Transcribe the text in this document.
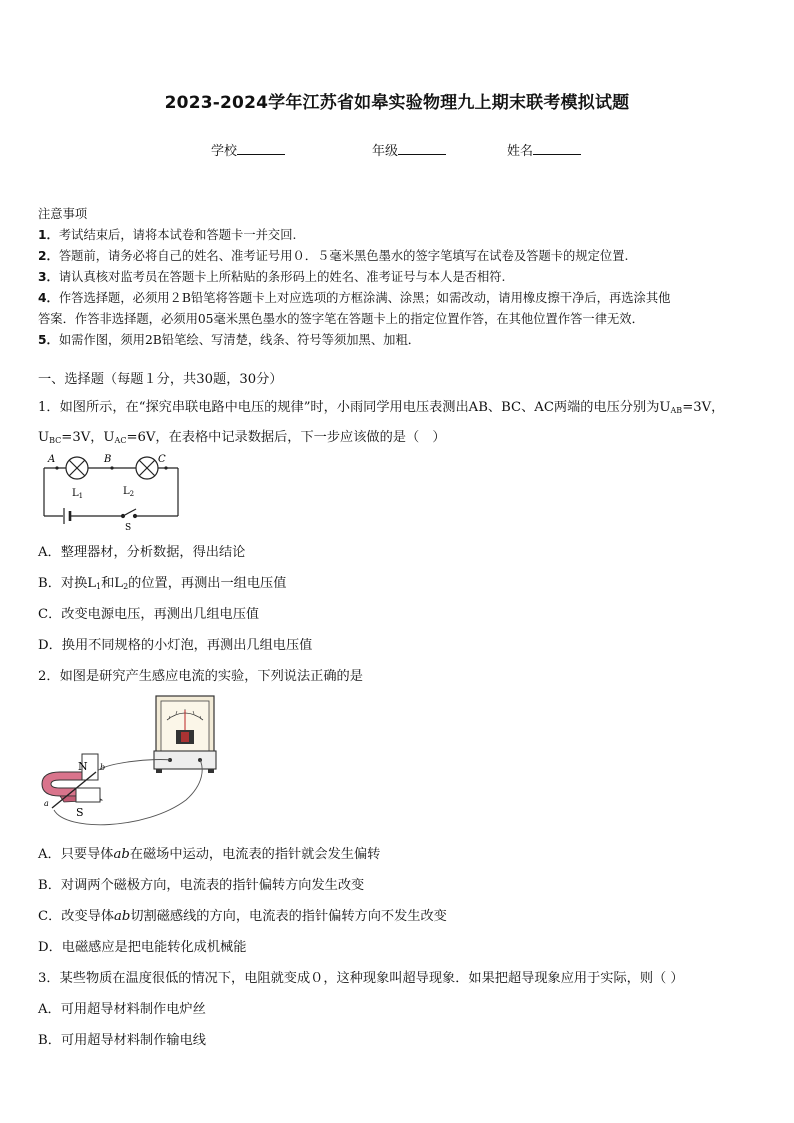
2023-2024学年江苏省如皋实验物理九上期末联考模拟试题
学校	年级	姓名
注意事项
1．考试结束后，请将本试卷和答题卡一并交回.
2．答题前，请务必将自己的姓名、准考证号用０．５毫米黑色墨水的签字笔填写在试卷及答题卡的规定位置.
3．请认真核对监考员在答题卡上所粘贴的条形码上的姓名、准考证号与本人是否相符.
4．作答选择题，必须用２B铅笔将答题卡上对应选项的方框涂满、涂黑；如需改动，请用橡皮擦干净后，再选涂其他
答案．作答非选择题，必须用05毫米黑色墨水的签字笔在答题卡上的指定位置作答，在其他位置作答一律无效．
5．如需作图，须用2B铅笔绘、写清楚，线条、符号等须加黑、加粗．
一、选择题（每题１分，共30题，30分）
1．如图所示，在“探究串联电路中电压的规律”时，小雨同学用电压表测出AB、BC、AC两端的电压分别为$U_{AB}=3V$，
$U_{BC}=3V$，$U_{AC}=6V$，在表格中记录数据后，下一步应该做的是（　）
A	B	C
$L_1$	$L_2$
S
A．整理器材，分析数据，得出结论
B．对换$L_1$和$L_2$的位置，再测出一组电压值
C．改变电源电压，再测出几组电压值
D．换用不同规格的小灯泡，再测出几组电压值
2．如图是研究产生感应电流的实验，下列说法正确的是
N
S
a
b
A．只要导体ab在磁场中运动，电流表的指针就会发生偏转
B．对调两个磁极方向，电流表的指针偏转方向发生改变
C．改变导体ab切割磁感线的方向，电流表的指针偏转方向不发生改变
D．电磁感应是把电能转化成机械能
3．某些物质在温度很低的情况下，电阻就变成０，这种现象叫超导现象．如果把超导现象应用于实际，则（ ）
A．可用超导材料制作电炉丝
B．可用超导材料制作输电线
